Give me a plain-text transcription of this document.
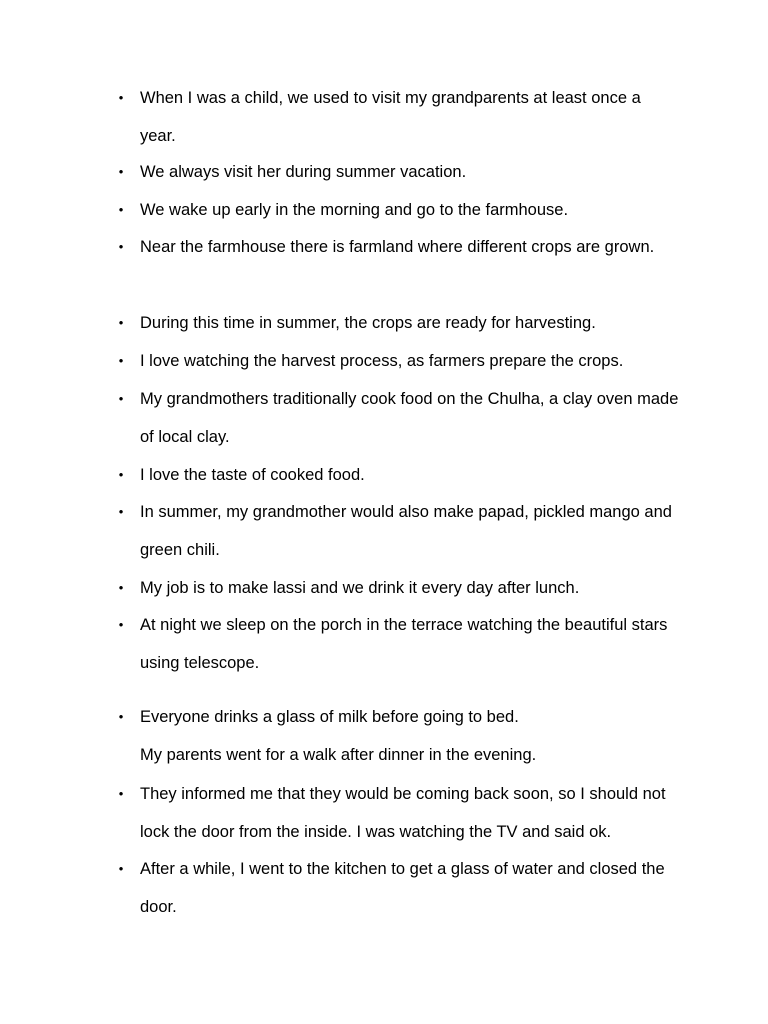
• When I was a child, we used to visit my grandparents at least once a year.
• We always visit her during summer vacation.
• We wake up early in the morning and go to the farmhouse.
• Near the farmhouse there is farmland where different crops are grown.
• During this time in summer, the crops are ready for harvesting.
• I love watching the harvest process, as farmers prepare the crops.
• My grandmothers traditionally cook food on the Chulha, a clay oven made of local clay.
• I love the taste of cooked food.
• In summer, my grandmother would also make papad, pickled mango and green chili.
• My job is to make lassi and we drink it every day after lunch.
• At night we sleep on the porch in the terrace watching the beautiful stars using telescope.
• Everyone drinks a glass of milk before going to bed.
My parents went for a walk after dinner in the evening.
• They informed me that they would be coming back soon, so I should not lock the door from the inside. I was watching the TV and said ok.
• After a while, I went to the kitchen to get a glass of water and closed the door.
